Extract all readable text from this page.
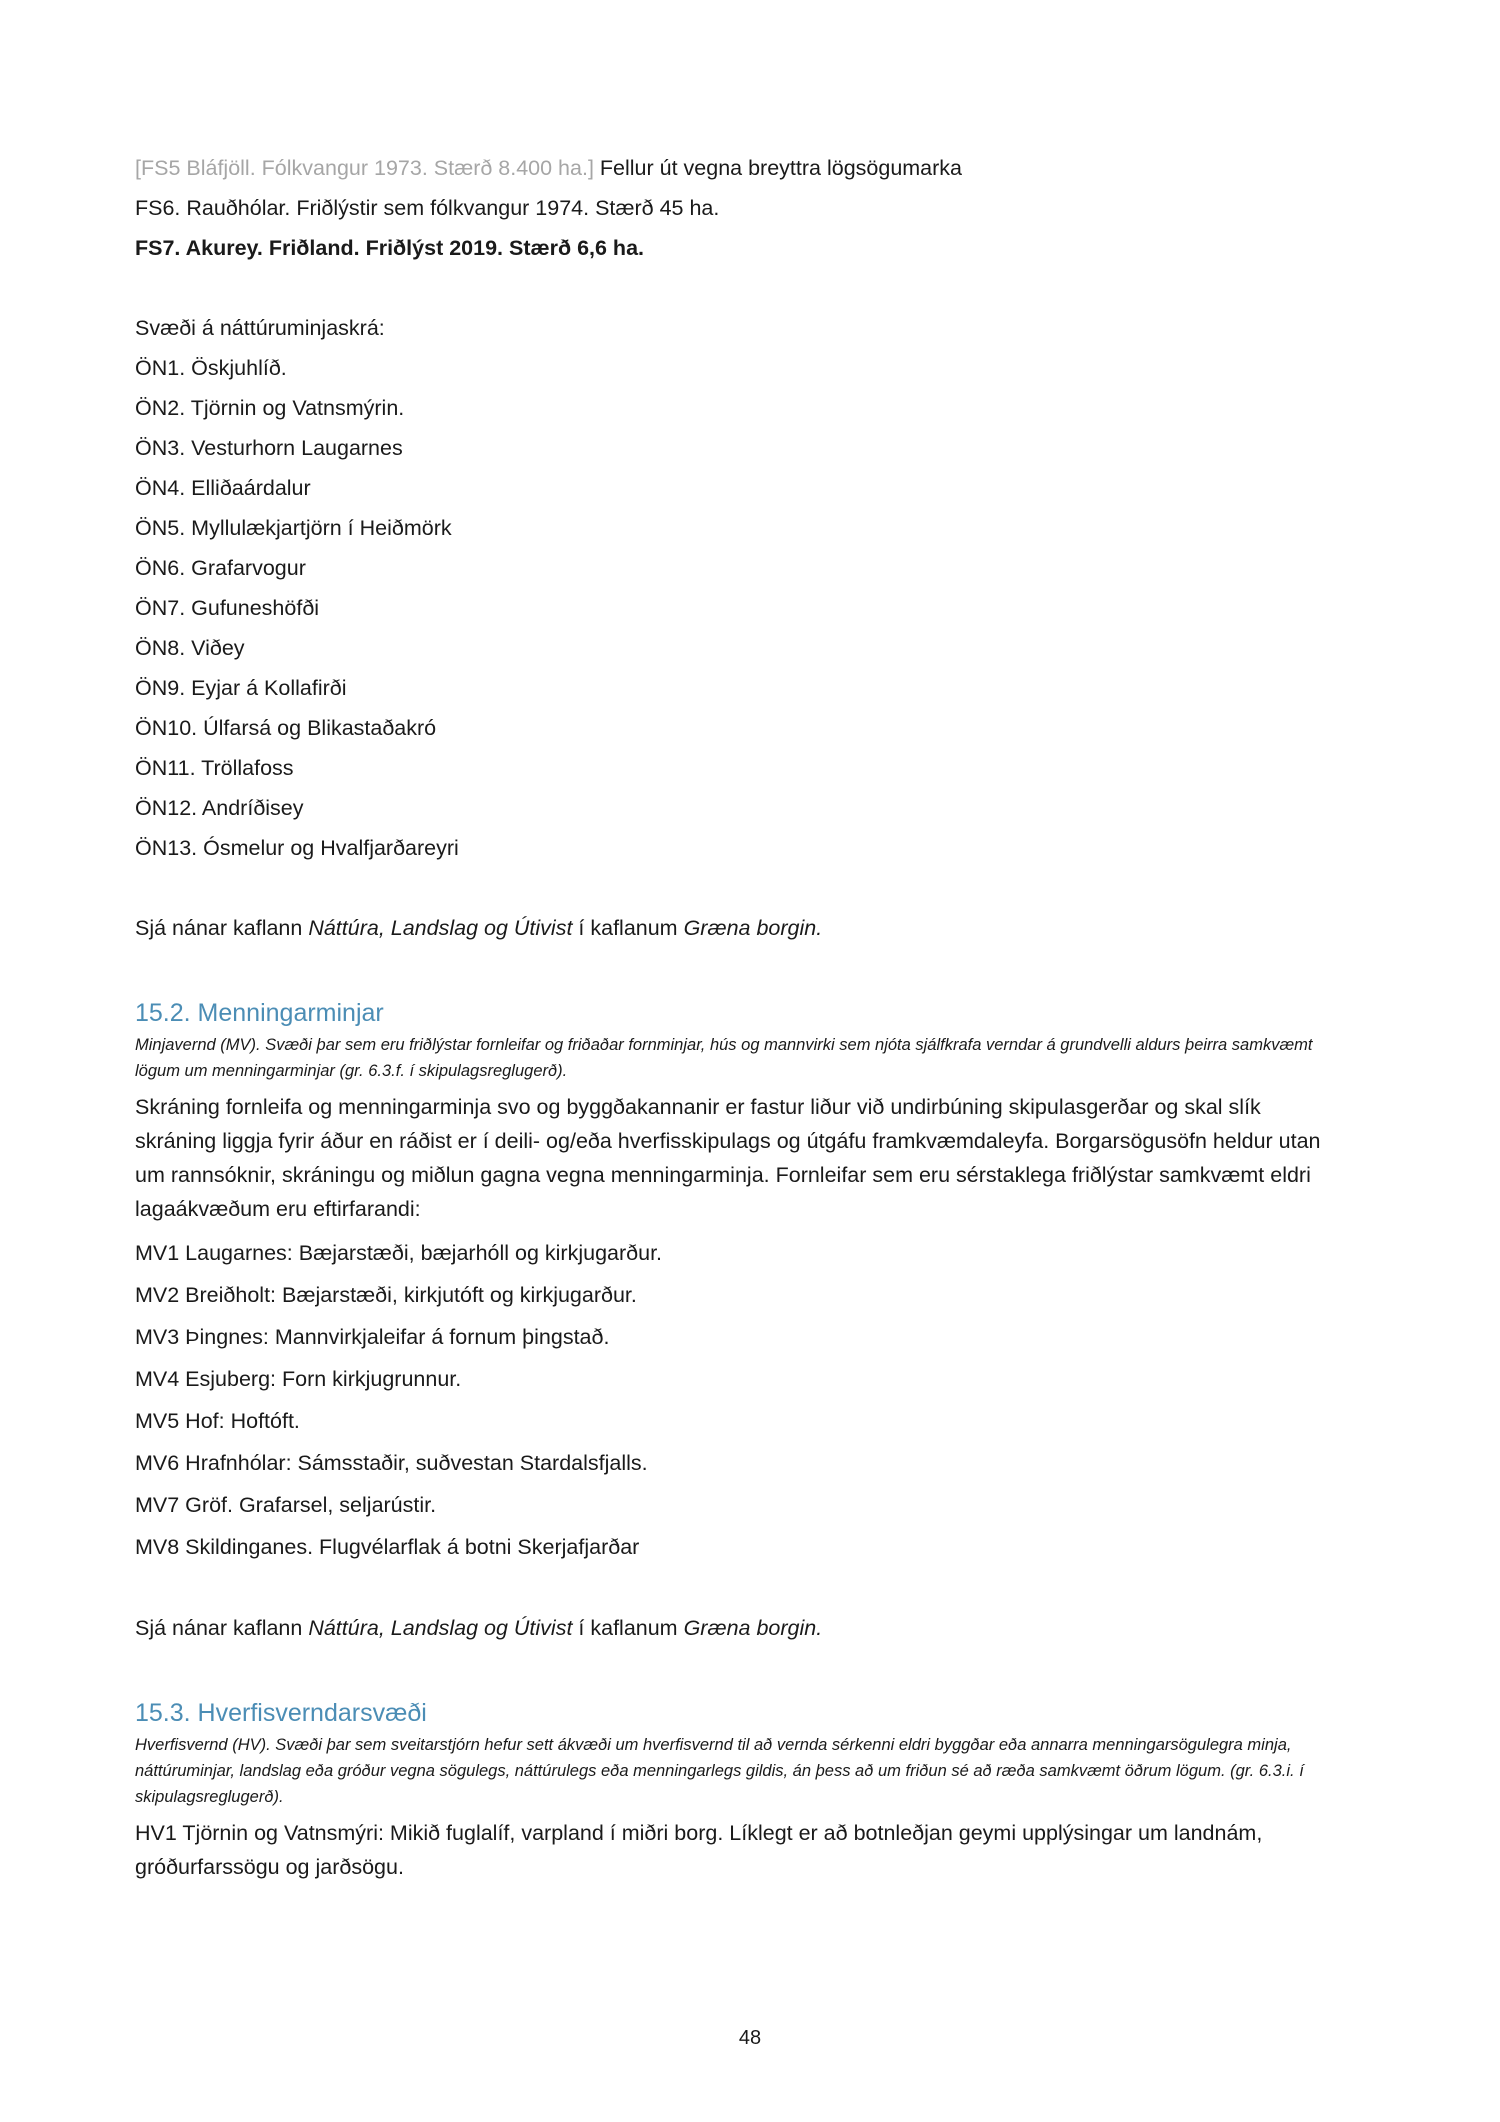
[FS5 Bláfjöll. Fólkvangur 1973. Stærð 8.400 ha.] Fellur út vegna breyttra lögsögumarka
FS6. Rauðhólar. Friðlýstir sem fólkvangur 1974. Stærð 45 ha.
FS7. Akurey. Friðland. Friðlýst 2019. Stærð 6,6 ha.
Svæði á náttúruminjaskrá:
ÖN1. Öskjuhlíð.
ÖN2. Tjörnin og Vatnsmýrin.
ÖN3. Vesturhorn Laugarnes
ÖN4. Elliðaárdalur
ÖN5. Myllulækjartjörn í Heiðmörk
ÖN6. Grafarvogur
ÖN7. Gufuneshöfði
ÖN8. Viðey
ÖN9. Eyjar á Kollafirði
ÖN10. Úlfarsá og Blikastaðakró
ÖN11. Tröllafoss
ÖN12. Andríðisey
ÖN13. Ósmelur og Hvalfjarðareyri
Sjá nánar kaflann Náttúra, Landslag og Útivist í kaflanum Græna borgin.
15.2. Menningarminjar
Minjavernd (MV). Svæði þar sem eru friðlýstar fornleifar og friðaðar fornminjar, hús og mannvirki sem njóta sjálfkrafa verndar á grundvelli aldurs þeirra samkvæmt lögum um menningarminjar (gr. 6.3.f. í skipulagsreglugerð).

Skráning fornleifa og menningarminja svo og byggðakannanir er fastur liður við undirbúning skipulasgerðar og skal slík skráning liggja fyrir áður en ráðist er í deili- og/eða hverfisskipulags og útgáfu framkvæmdaleyfa. Borgarsögusöfn heldur utan um rannsóknir, skráningu og miðlun gagna vegna menningarminja. Fornleifar sem eru sérstaklega friðlýstar samkvæmt eldri lagaákvæðum eru eftirfarandi:

MV1 Laugarnes: Bæjarstæði, bæjarhóll og kirkjugarður.
MV2 Breiðholt: Bæjarstæði, kirkjutóft og kirkjugarður.
MV3 Þingnes: Mannvirkjaleifar á fornum þingstað.
MV4 Esjuberg: Forn kirkjugrunnur.
MV5 Hof: Hoftóft.
MV6 Hrafnhólar: Sámsstaðir, suðvestan Stardalsfjalls.
MV7 Gröf. Grafarsel, seljarústir.
MV8 Skildinganes. Flugvélarflak á botni Skerjafjarðar
Sjá nánar kaflann Náttúra, Landslag og Útivist í kaflanum Græna borgin.
15.3. Hverfisverndarsvæði
Hverfisvernd (HV). Svæði þar sem sveitarstjórn hefur sett ákvæði um hverfisvernd til að vernda sérkenni eldri byggðar eða annarra menningarsögulegra minja, náttúruminjar, landslag eða gróður vegna sögulegs, náttúrulegs eða menningarlegs gildis, án þess að um friðun sé að ræða samkvæmt öðrum lögum. (gr. 6.3.i. í skipulagsreglugerð).

HV1 Tjörnin og Vatnsmýri: Mikið fuglalíf, varpland í miðri borg. Líklegt er að botnleðjan geymi upplýsingar um landnám, gróðurfarssögu og jarðsögu.

48
